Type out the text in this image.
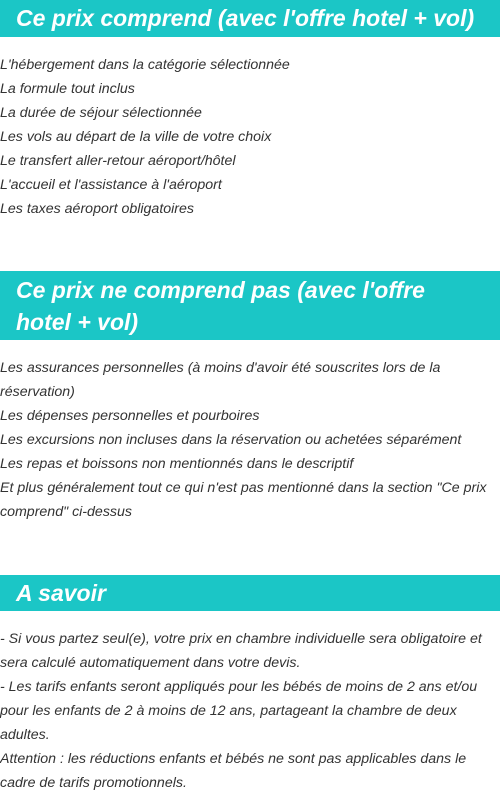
Ce prix comprend (avec l'offre hotel + vol)
L'hébergement dans la catégorie sélectionnée
La formule tout inclus
La durée de séjour sélectionnée
Les vols au départ de la ville de votre choix
Le transfert aller-retour aéroport/hôtel
L'accueil et l'assistance à l'aéroport
Les taxes aéroport obligatoires
Ce prix ne comprend pas (avec l'offre hotel + vol)
Les assurances personnelles (à moins d'avoir été souscrites lors de la réservation)
Les dépenses personnelles et pourboires
Les excursions non incluses dans la réservation ou achetées séparément
Les repas et boissons non mentionnés dans le descriptif
Et plus généralement tout ce qui n'est pas mentionné dans la section "Ce prix comprend" ci-dessus
A savoir
- Si vous partez seul(e), votre prix en chambre individuelle sera obligatoire et sera calculé automatiquement dans votre devis.
- Les tarifs enfants seront appliqués pour les bébés de moins de 2 ans et/ou pour les enfants de 2 à moins de 12 ans, partageant la chambre de deux adultes.
Attention : les réductions enfants et bébés ne sont pas applicables dans le cadre de tarifs promotionnels.
